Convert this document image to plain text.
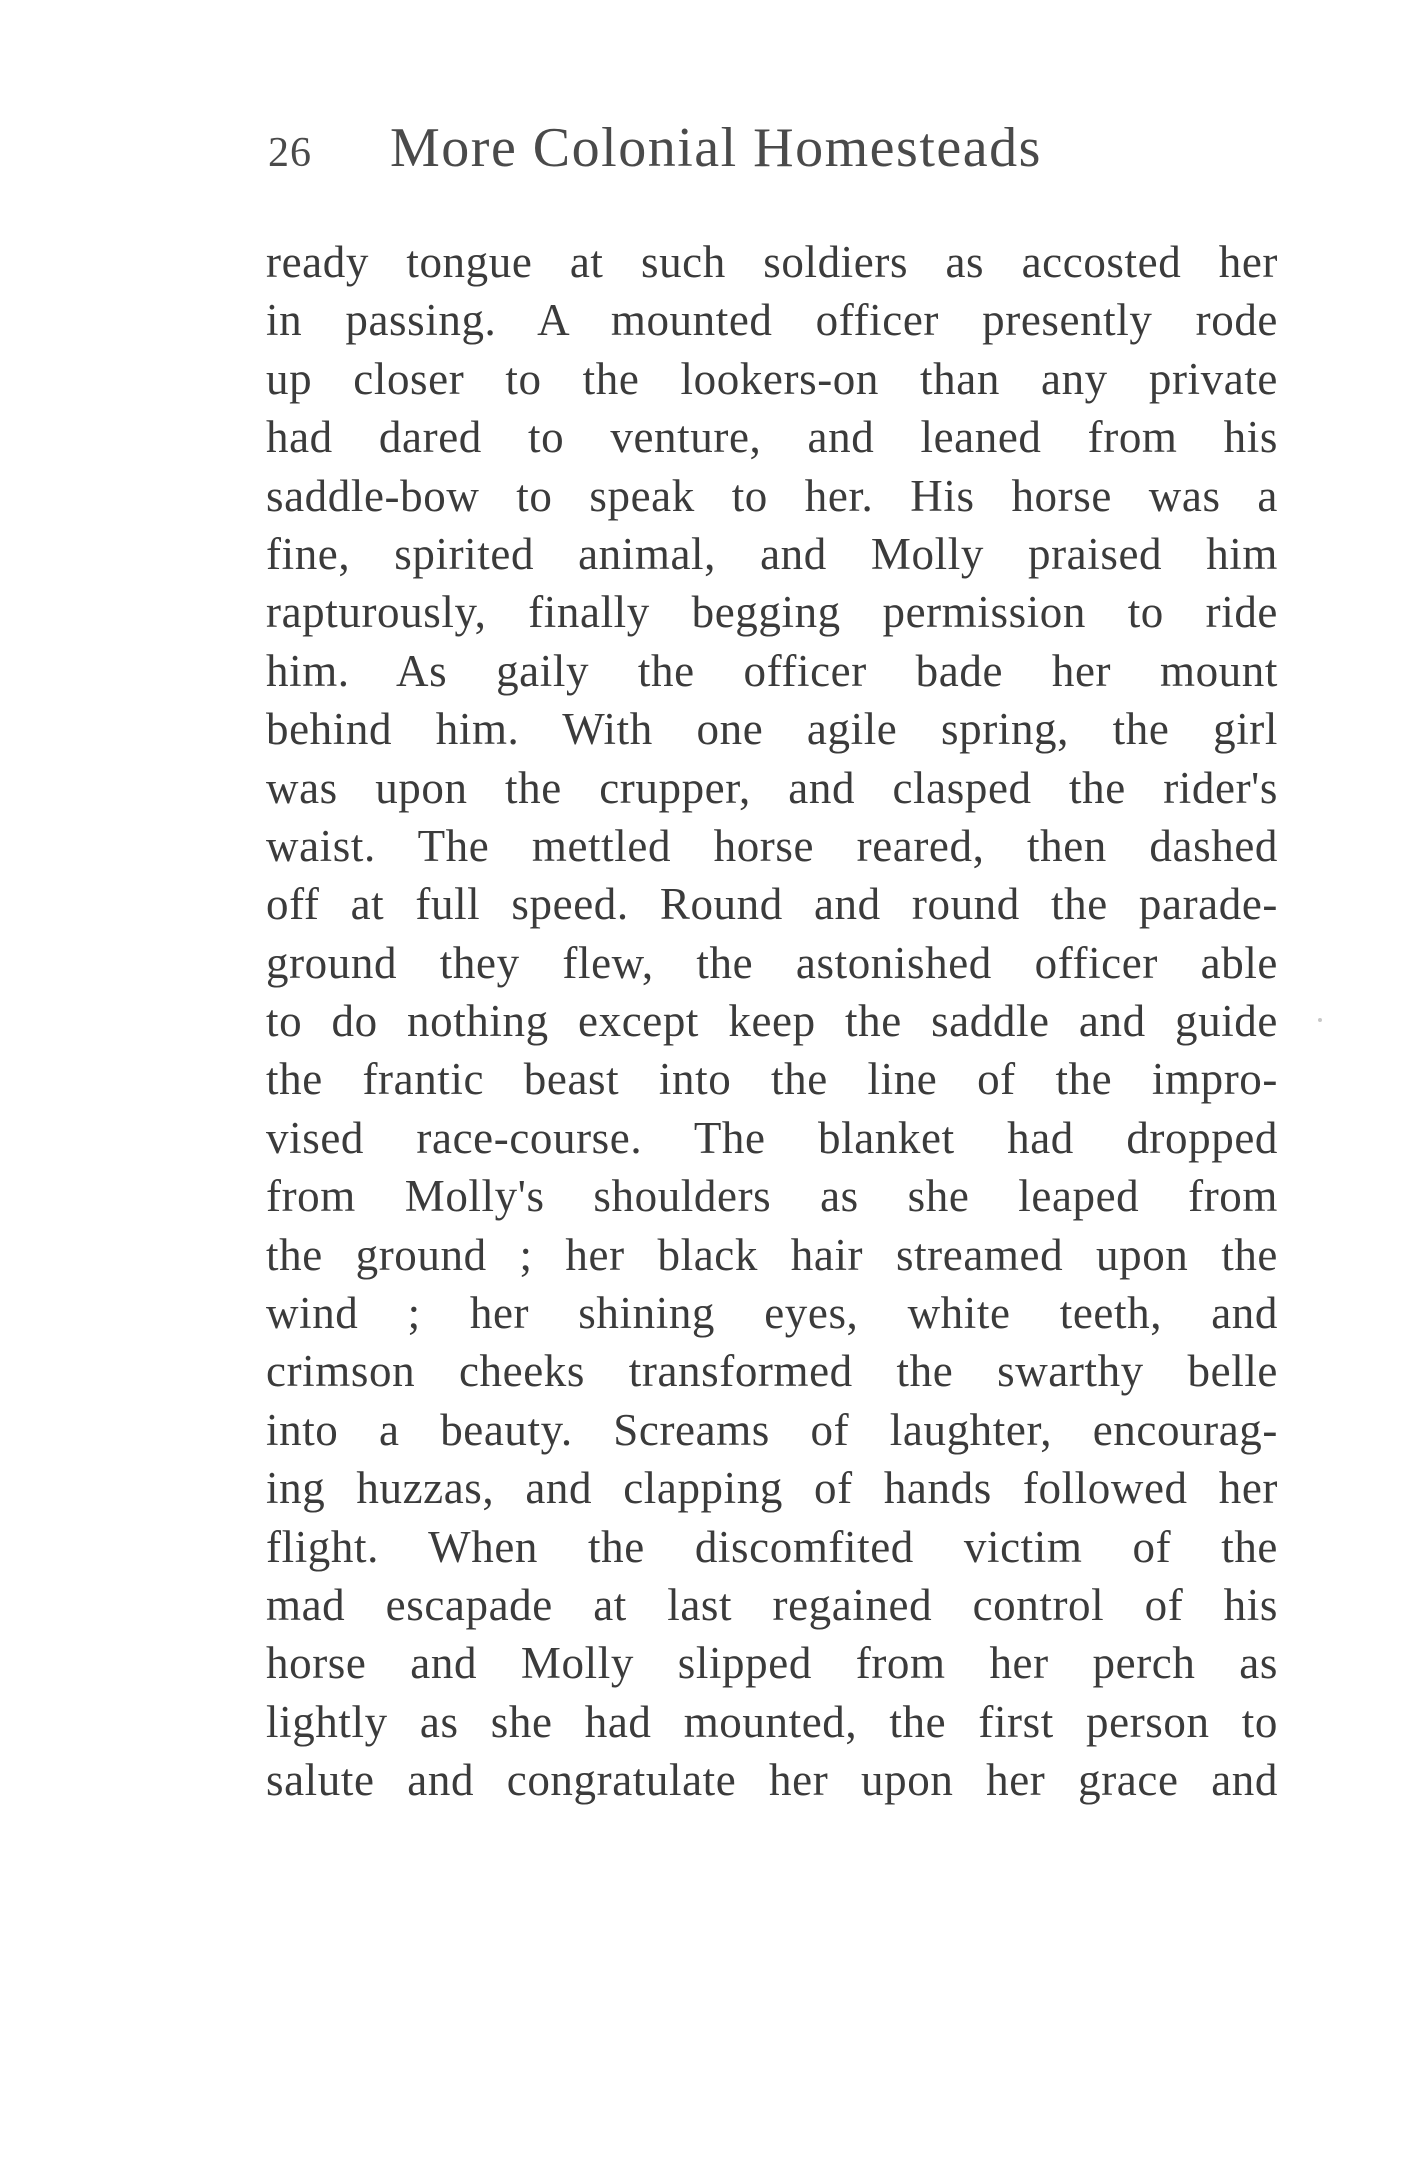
26 More Colonial Homesteads
ready tongue at such soldiers as accosted her
in passing. A mounted officer presently rode
up closer to the lookers-on than any private
had dared to venture, and leaned from his
saddle-bow to speak to her. His horse was a
fine, spirited animal, and Molly praised him
rapturously, finally begging permission to ride
him. As gaily the officer bade her mount
behind him. With one agile spring, the girl
was upon the crupper, and clasped the rider's
waist. The mettled horse reared, then dashed
off at full speed. Round and round the parade-
ground they flew, the astonished officer able
to do nothing except keep the saddle and guide
the frantic beast into the line of the impro-
vised race-course. The blanket had dropped
from Molly's shoulders as she leaped from
the ground ; her black hair streamed upon the
wind ; her shining eyes, white teeth, and
crimson cheeks transformed the swarthy belle
into a beauty. Screams of laughter, encourag-
ing huzzas, and clapping of hands followed her
flight. When the discomfited victim of the
mad escapade at last regained control of his
horse and Molly slipped from her perch as
lightly as she had mounted, the first person to
salute and congratulate her upon her grace and
